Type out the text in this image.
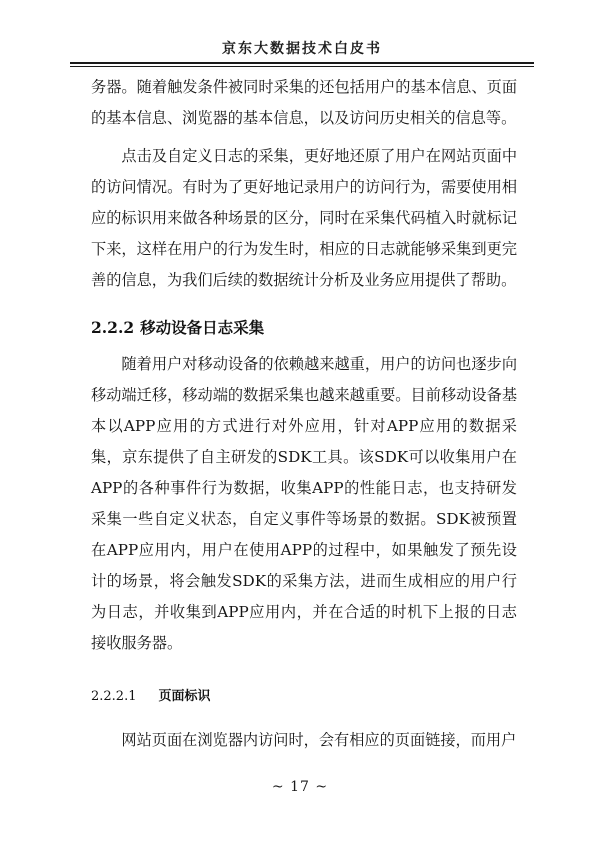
京东大数据技术白皮书

务器。随着触发条件被同时采集的还包括用户的基本信息、页面的基本信息、浏览器的基本信息，以及访问历史相关的信息等。

点击及自定义日志的采集，更好地还原了用户在网站页面中的访问情况。有时为了更好地记录用户的访问行为，需要使用相应的标识用来做各种场景的区分，同时在采集代码植入时就标记下来，这样在用户的行为发生时，相应的日志就能够采集到更完善的信息，为我们后续的数据统计分析及业务应用提供了帮助。

2.2.2 移动设备日志采集

随着用户对移动设备的依赖越来越重，用户的访问也逐步向移动端迁移，移动端的数据采集也越来越重要。目前移动设备基本以APP应用的方式进行对外应用，针对APP应用的数据采集，京东提供了自主研发的SDK工具。该SDK可以收集用户在APP的各种事件行为数据，收集APP的性能日志，也支持研发采集一些自定义状态，自定义事件等场景的数据。SDK被预置在APP应用内，用户在使用APP的过程中，如果触发了预先设计的场景，将会触发SDK的采集方法，进而生成相应的用户行为日志，并收集到APP应用内，并在合适的时机下上报的日志接收服务器。

2.2.2.1 页面标识

网站页面在浏览器内访问时，会有相应的页面链接，而用户

~ 17 ~
